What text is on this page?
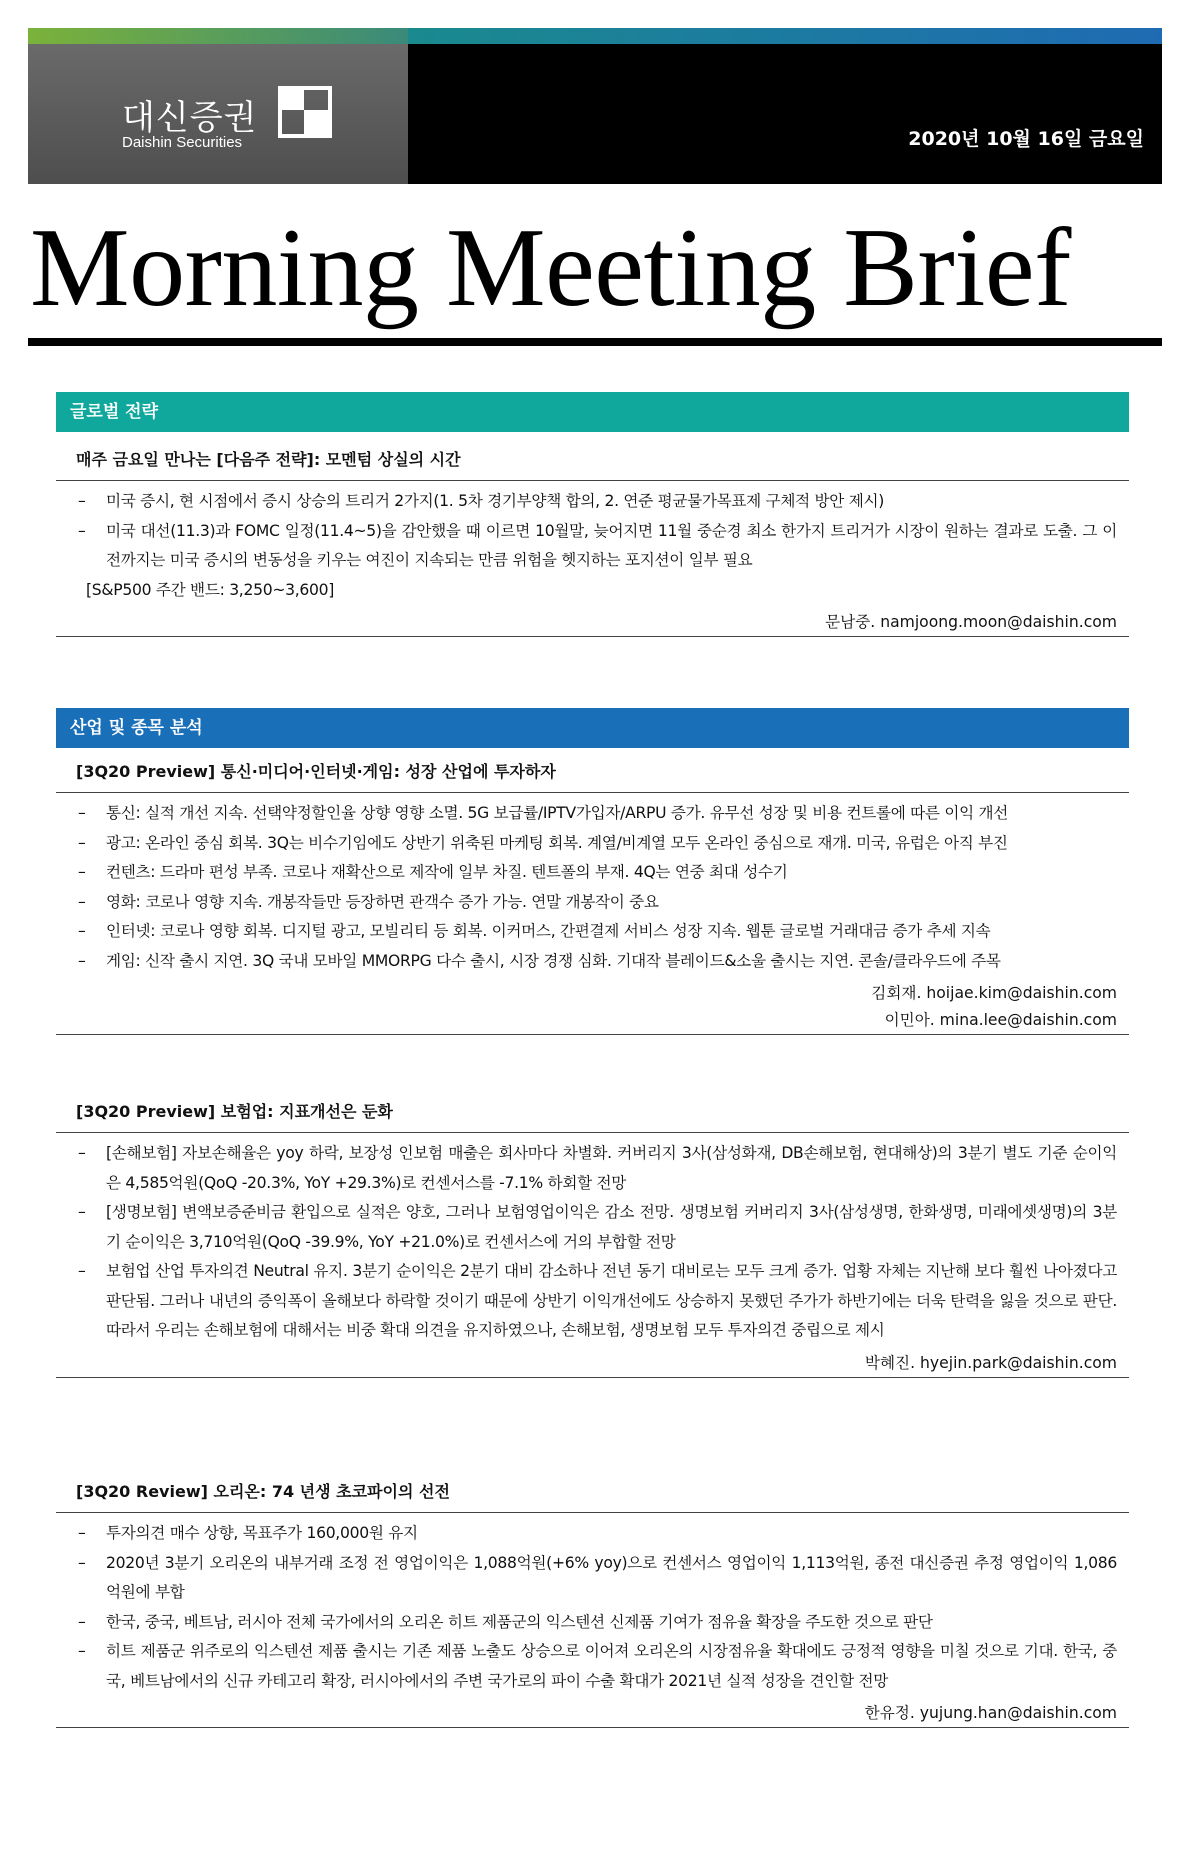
대신증권
Daishin Securities	2020년 10월 16일 금요일
Morning Meeting Brief
글로벌 전략
매주 금요일 만나는 [다음주 전략]: 모멘텀 상실의 시간
– 미국 증시, 현 시점에서 증시 상승의 트리거 2가지(1. 5차 경기부양책 합의, 2. 연준 평균물가목표제 구체적 방안 제시)
– 미국 대선(11.3)과 FOMC 일정(11.4~5)을 감안했을 때 이르면 10월말, 늦어지면 11월 중순경 최소 한가지 트리거가 시장이 원하는 결과로 도출. 그 이전까지는 미국 증시의 변동성을 키우는 여진이 지속되는 만큼 위험을 헷지하는 포지션이 일부 필요
[S&P500 주간 밴드: 3,250~3,600]
문남중. namjoong.moon@daishin.com
산업 및 종목 분석
[3Q20 Preview] 통신·미디어·인터넷·게임: 성장 산업에 투자하자
– 통신: 실적 개선 지속. 선택약정할인율 상향 영향 소멸. 5G 보급률/IPTV가입자/ARPU 증가. 유무선 성장 및 비용 컨트롤에 따른 이익 개선
– 광고: 온라인 중심 회복. 3Q는 비수기임에도 상반기 위축된 마케팅 회복. 계열/비계열 모두 온라인 중심으로 재개. 미국, 유럽은 아직 부진
– 컨텐츠: 드라마 편성 부족. 코로나 재확산으로 제작에 일부 차질. 텐트폴의 부재. 4Q는 연중 최대 성수기
– 영화: 코로나 영향 지속. 개봉작들만 등장하면 관객수 증가 가능. 연말 개봉작이 중요
– 인터넷: 코로나 영향 회복. 디지털 광고, 모빌리티 등 회복. 이커머스, 간편결제 서비스 성장 지속. 웹툰 글로벌 거래대금 증가 추세 지속
– 게임: 신작 출시 지연. 3Q 국내 모바일 MMORPG 다수 출시, 시장 경쟁 심화. 기대작 블레이드&소울 출시는 지연. 콘솔/클라우드에 주목
김회재. hoijae.kim@daishin.com
이민아. mina.lee@daishin.com
[3Q20 Preview] 보험업: 지표개선은 둔화
– [손해보험] 자보손해율은 yoy 하락, 보장성 인보험 매출은 회사마다 차별화. 커버리지 3사(삼성화재, DB손해보험, 현대해상)의 3분기 별도 기준 순이익은 4,585억원(QoQ -20.3%, YoY +29.3%)로 컨센서스를 -7.1% 하회할 전망
– [생명보험] 변액보증준비금 환입으로 실적은 양호, 그러나 보험영업이익은 감소 전망. 생명보험 커버리지 3사(삼성생명, 한화생명, 미래에셋생명)의 3분기 순이익은 3,710억원(QoQ -39.9%, YoY +21.0%)로 컨센서스에 거의 부합할 전망
– 보험업 산업 투자의견 Neutral 유지. 3분기 순이익은 2분기 대비 감소하나 전년 동기 대비로는 모두 크게 증가. 업황 자체는 지난해 보다 훨씬 나아졌다고 판단됨. 그러나 내년의 증익폭이 올해보다 하락할 것이기 때문에 상반기 이익개선에도 상승하지 못했던 주가가 하반기에는 더욱 탄력을 잃을 것으로 판단. 따라서 우리는 손해보험에 대해서는 비중 확대 의견을 유지하였으나, 손해보험, 생명보험 모두 투자의견 중립으로 제시
박혜진. hyejin.park@daishin.com
[3Q20 Review] 오리온: 74 년생 초코파이의 선전
– 투자의견 매수 상향, 목표주가 160,000원 유지
– 2020년 3분기 오리온의 내부거래 조정 전 영업이익은 1,088억원(+6% yoy)으로 컨센서스 영업이익 1,113억원, 종전 대신증권 추정 영업이익 1,086억원에 부합
– 한국, 중국, 베트남, 러시아 전체 국가에서의 오리온 히트 제품군의 익스텐션 신제품 기여가 점유율 확장을 주도한 것으로 판단
– 히트 제품군 위주로의 익스텐션 제품 출시는 기존 제품 노출도 상승으로 이어져 오리온의 시장점유율 확대에도 긍정적 영향을 미칠 것으로 기대. 한국, 중국, 베트남에서의 신규 카테고리 확장, 러시아에서의 주변 국가로의 파이 수출 확대가 2021년 실적 성장을 견인할 전망
한유정. yujung.han@daishin.com
